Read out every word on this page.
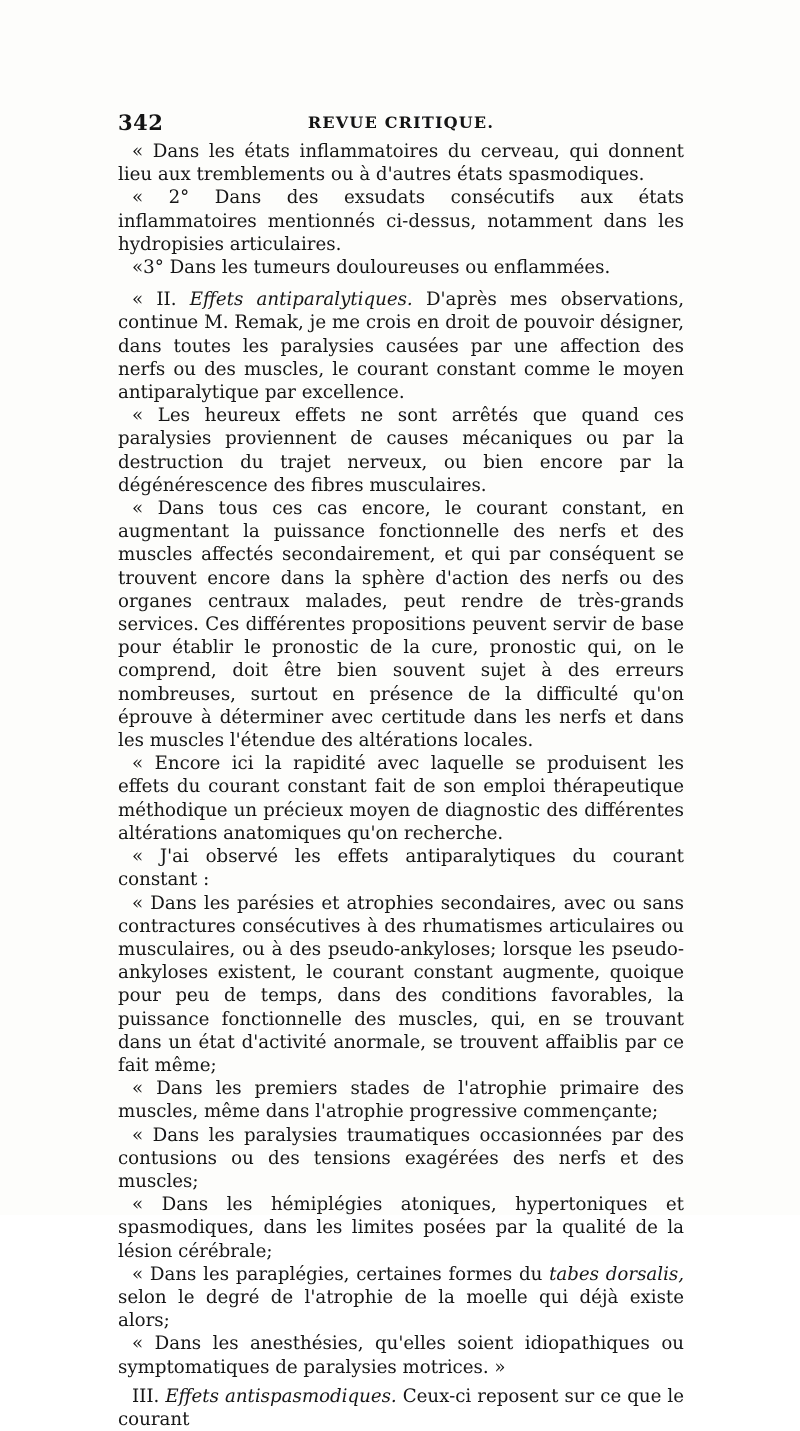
342	REVUE CRITIQUE.

« Dans les états inflammatoires du cerveau, qui donnent lieu aux tremblements ou à d'autres états spasmodiques.

« 2° Dans des exsudats consécutifs aux états inflammatoires mentionnés ci-dessus, notamment dans les hydropisies articulaires.

«3° Dans les tumeurs douloureuses ou enflammées.

« II. Effets antiparalytiques. D'après mes observations, continue M. Remak, je me crois en droit de pouvoir désigner, dans toutes les paralysies causées par une affection des nerfs ou des muscles, le courant constant comme le moyen antiparalytique par excellence.

« Les heureux effets ne sont arrêtés que quand ces paralysies proviennent de causes mécaniques ou par la destruction du trajet nerveux, ou bien encore par la dégénérescence des fibres musculaires.

« Dans tous ces cas encore, le courant constant, en augmentant la puissance fonctionnelle des nerfs et des muscles affectés secondairement, et qui par conséquent se trouvent encore dans la sphère d'action des nerfs ou des organes centraux malades, peut rendre de très-grands services. Ces différentes propositions peuvent servir de base pour établir le pronostic de la cure, pronostic qui, on le comprend, doit être bien souvent sujet à des erreurs nombreuses, surtout en présence de la difficulté qu'on éprouve à déterminer avec certitude dans les nerfs et dans les muscles l'étendue des altérations locales.

« Encore ici la rapidité avec laquelle se produisent les effets du courant constant fait de son emploi thérapeutique méthodique un précieux moyen de diagnostic des différentes altérations anatomiques qu'on recherche.

« J'ai observé les effets antiparalytiques du courant constant :

« Dans les parésies et atrophies secondaires, avec ou sans contractures consécutives à des rhumatismes articulaires ou musculaires, ou à des pseudo-ankyloses; lorsque les pseudo-ankyloses existent, le courant constant augmente, quoique pour peu de temps, dans des conditions favorables, la puissance fonctionnelle des muscles, qui, en se trouvant dans un état d'activité anormale, se trouvent affaiblis par ce fait même;

« Dans les premiers stades de l'atrophie primaire des muscles, même dans l'atrophie progressive commençante;

« Dans les paralysies traumatiques occasionnées par des contusions ou des tensions exagérées des nerfs et des muscles;

« Dans les hémiplégies atoniques, hypertoniques et spasmodiques, dans les limites posées par la qualité de la lésion cérébrale;

« Dans les paraplégies, certaines formes du tabes dorsalis, selon le degré de l'atrophie de la moelle qui déjà existe alors;

« Dans les anesthésies, qu'elles soient idiopathiques ou symptomatiques de paralysies motrices. »

III. Effets antispasmodiques. Ceux-ci reposent sur ce que le courant
